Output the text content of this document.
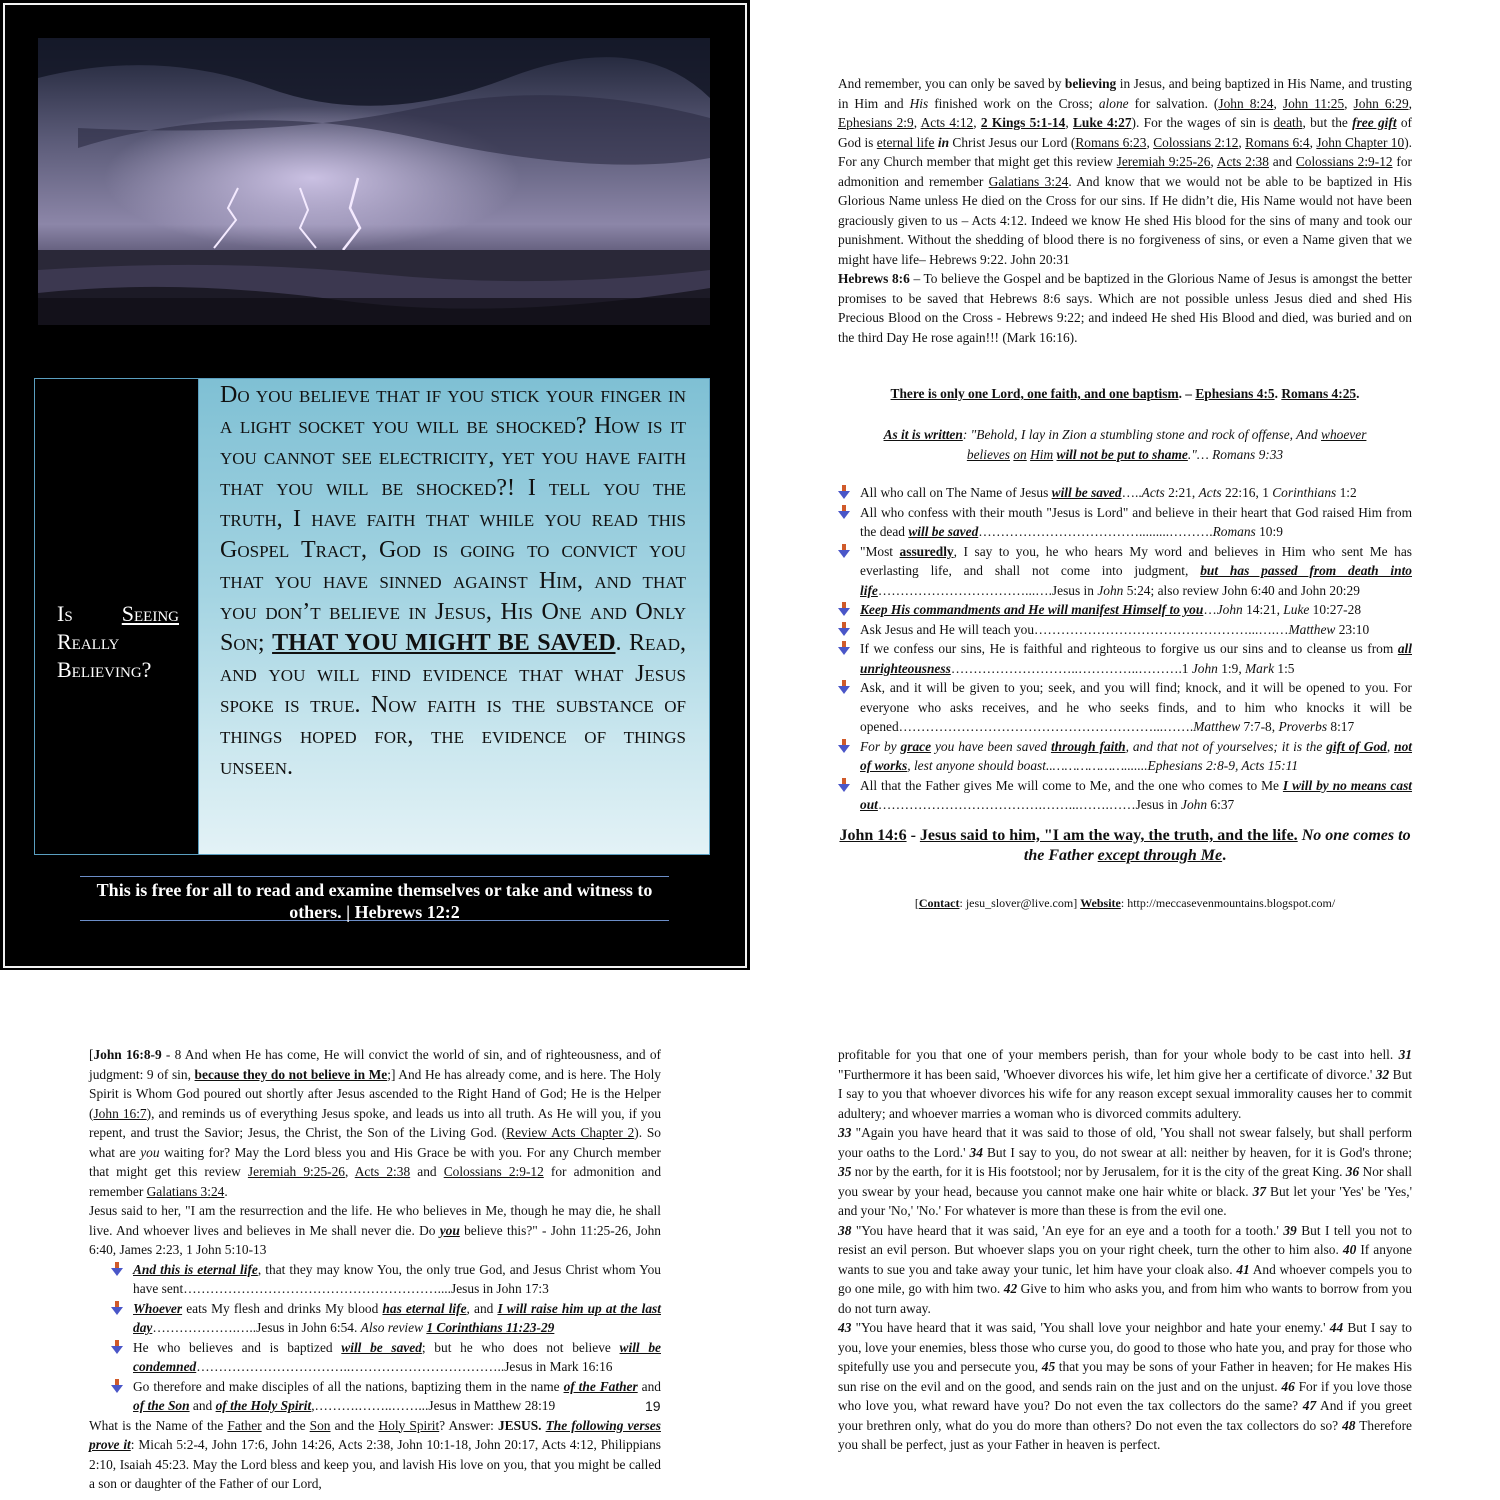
Is Seeing
Really
Believing?
Do you believe that if you stick your finger in a light socket you will be shocked? How is it you cannot see electricity, yet you have faith that you will be shocked?! I tell you the truth, I have faith that while you read this Gospel Tract, God is going to convict you that you have sinned against Him, and that you don’t believe in Jesus, His One and Only Son; THAT YOU MIGHT BE SAVED. Read, and you will find evidence that what Jesus spoke is true. Now faith is the substance of things hoped for, the evidence of things unseen.
This is free for all to read and examine themselves or take and witness to others. | Hebrews 12:2

And remember, you can only be saved by believing in Jesus, and being baptized in His Name, and trusting in Him and His finished work on the Cross; alone for salvation. (John 8:24, John 11:25, John 6:29, Ephesians 2:9, Acts 4:12, 2 Kings 5:1-14, Luke 4:27). For the wages of sin is death, but the free gift of God is eternal life in Christ Jesus our Lord (Romans 6:23, Colossians 2:12, Romans 6:4, John Chapter 10). For any Church member that might get this review Jeremiah 9:25-26, Acts 2:38 and Colossians 2:9-12 for admonition and remember Galatians 3:24. And know that we would not be able to be baptized in His Glorious Name unless He died on the Cross for our sins. If He didn’t die, His Name would not have been graciously given to us – Acts 4:12. Indeed we know He shed His blood for the sins of many and took our punishment. Without the shedding of blood there is no forgiveness of sins, or even a Name given that we might have life– Hebrews 9:22. John 20:31

Hebrews 8:6 – To believe the Gospel and be baptized in the Glorious Name of Jesus is amongst the better promises to be saved that Hebrews 8:6 says. Which are not possible unless Jesus died and shed His Precious Blood on the Cross - Hebrews 9:22; and indeed He shed His Blood and died, was buried and on the third Day He rose again!!! (Mark 16:16).

There is only one Lord, one faith, and one baptism. – Ephesians 4:5. Romans 4:25.
As it is written: "Behold, I lay in Zion a stumbling stone and rock of offense, And whoever believes on Him will not be put to shame."… Romans 9:33
All who call on The Name of Jesus will be saved…..Acts 2:21, Acts 22:16, 1 Corinthians 1:2
All who confess with their mouth "Jesus is Lord" and believe in their heart that God raised Him from the dead will be saved……………………………….........……….Romans 10:9
"Most assuredly, I say to you, he who hears My word and believes in Him who sent Me has everlasting life, and shall not come into judgment, but has passed from death into life……………………………...….Jesus in John 5:24; also review John 6:40 and John 20:29
Keep His commandments and He will manifest Himself to you…John 14:21, Luke 10:27-28
Ask Jesus and He will teach you…………………………………………...….…Matthew 23:10
If we confess our sins, He is faithful and righteous to forgive us our sins and to cleanse us from all unrighteousness………………………..…………..……….1 John 1:9, Mark 1:5
Ask, and it will be given to you; seek, and you will find; knock, and it will be opened to you. For everyone who asks receives, and he who seeks finds, and to him who knocks it will be opened…………………………………………………...…….Matthew 7:7-8, Proverbs 8:17
For by grace you have been saved through faith, and that not of yourselves; it is the gift of God, not of works, lest anyone should boast..……………….......Ephesians 2:8-9, Acts 15:11
All that the Father gives Me will come to Me, and the one who comes to Me I will by no means cast out……………………………….……...…….……Jesus in John 6:37
John 14:6 - Jesus said to him, "I am the way, the truth, and the life. No one comes to the Father except through Me.
[Contact: jesu_slover@live.com] Website: http://meccasevenmountains.blogspot.com/

[John 16:8-9 - 8 And when He has come, He will convict the world of sin, and of righteousness, and of judgment: 9 of sin, because they do not believe in Me;] And He has already come, and is here. The Holy Spirit is Whom God poured out shortly after Jesus ascended to the Right Hand of God; He is the Helper (John 16:7), and reminds us of everything Jesus spoke, and leads us into all truth. As He will you, if you repent, and trust the Savior; Jesus, the Christ, the Son of the Living God. (Review Acts Chapter 2). So what are you waiting for? May the Lord bless you and His Grace be with you. For any Church member that might get this review Jeremiah 9:25-26, Acts 2:38 and Colossians 2:9-12 for admonition and remember Galatians 3:24.

Jesus said to her, "I am the resurrection and the life. He who believes in Me, though he may die, he shall live. And whoever lives and believes in Me shall never die. Do you believe this?" - John 11:25-26, John 6:40, James 2:23, 1 John 5:10-13

And this is eternal life, that they may know You, the only true God, and Jesus Christ whom You have sent…………………………………………………....Jesus in John 17:3
Whoever eats My flesh and drinks My blood has eternal life, and I will raise him up at the last day……………….…..Jesus in John 6:54. Also review 1 Corinthians 11:23-29
He who believes and is baptized will be saved; but he who does not believe will be condemned……………………………..……………………………..Jesus in Mark 16:16
Go therefore and make disciples of all the nations, baptizing them in the name of the Father and of the Son and of the Holy Spirit,……….……..……...Jesus in Matthew 28:19

What is the Name of the Father and the Son and the Holy Spirit? Answer: JESUS. The following verses prove it: Micah 5:2-4, John 17:6, John 14:26, Acts 2:38, John 10:1-18, John 20:17, Acts 4:12, Philippians 2:10, Isaiah 45:23. May the Lord bless and keep you, and lavish His love on you, that you might be called a son or daughter of the Father of our Lord,

19

profitable for you that one of your members perish, than for your whole body to be cast into hell. 31 "Furthermore it has been said, 'Whoever divorces his wife, let him give her a certificate of divorce.' 32 But I say to you that whoever divorces his wife for any reason except sexual immorality causes her to commit adultery; and whoever marries a woman who is divorced commits adultery.

33 "Again you have heard that it was said to those of old, 'You shall not swear falsely, but shall perform your oaths to the Lord.' 34 But I say to you, do not swear at all: neither by heaven, for it is God's throne; 35 nor by the earth, for it is His footstool; nor by Jerusalem, for it is the city of the great King. 36 Nor shall you swear by your head, because you cannot make one hair white or black. 37 But let your 'Yes' be 'Yes,' and your 'No,' 'No.' For whatever is more than these is from the evil one.

38 "You have heard that it was said, 'An eye for an eye and a tooth for a tooth.' 39 But I tell you not to resist an evil person. But whoever slaps you on your right cheek, turn the other to him also. 40 If anyone wants to sue you and take away your tunic, let him have your cloak also. 41 And whoever compels you to go one mile, go with him two. 42 Give to him who asks you, and from him who wants to borrow from you do not turn away.

43 "You have heard that it was said, 'You shall love your neighbor and hate your enemy.' 44 But I say to you, love your enemies, bless those who curse you, do good to those who hate you, and pray for those who spitefully use you and persecute you, 45 that you may be sons of your Father in heaven; for He makes His sun rise on the evil and on the good, and sends rain on the just and on the unjust. 46 For if you love those who love you, what reward have you? Do not even the tax collectors do the same? 47 And if you greet your brethren only, what do you do more than others? Do not even the tax collectors do so? 48 Therefore you shall be perfect, just as your Father in heaven is perfect.
